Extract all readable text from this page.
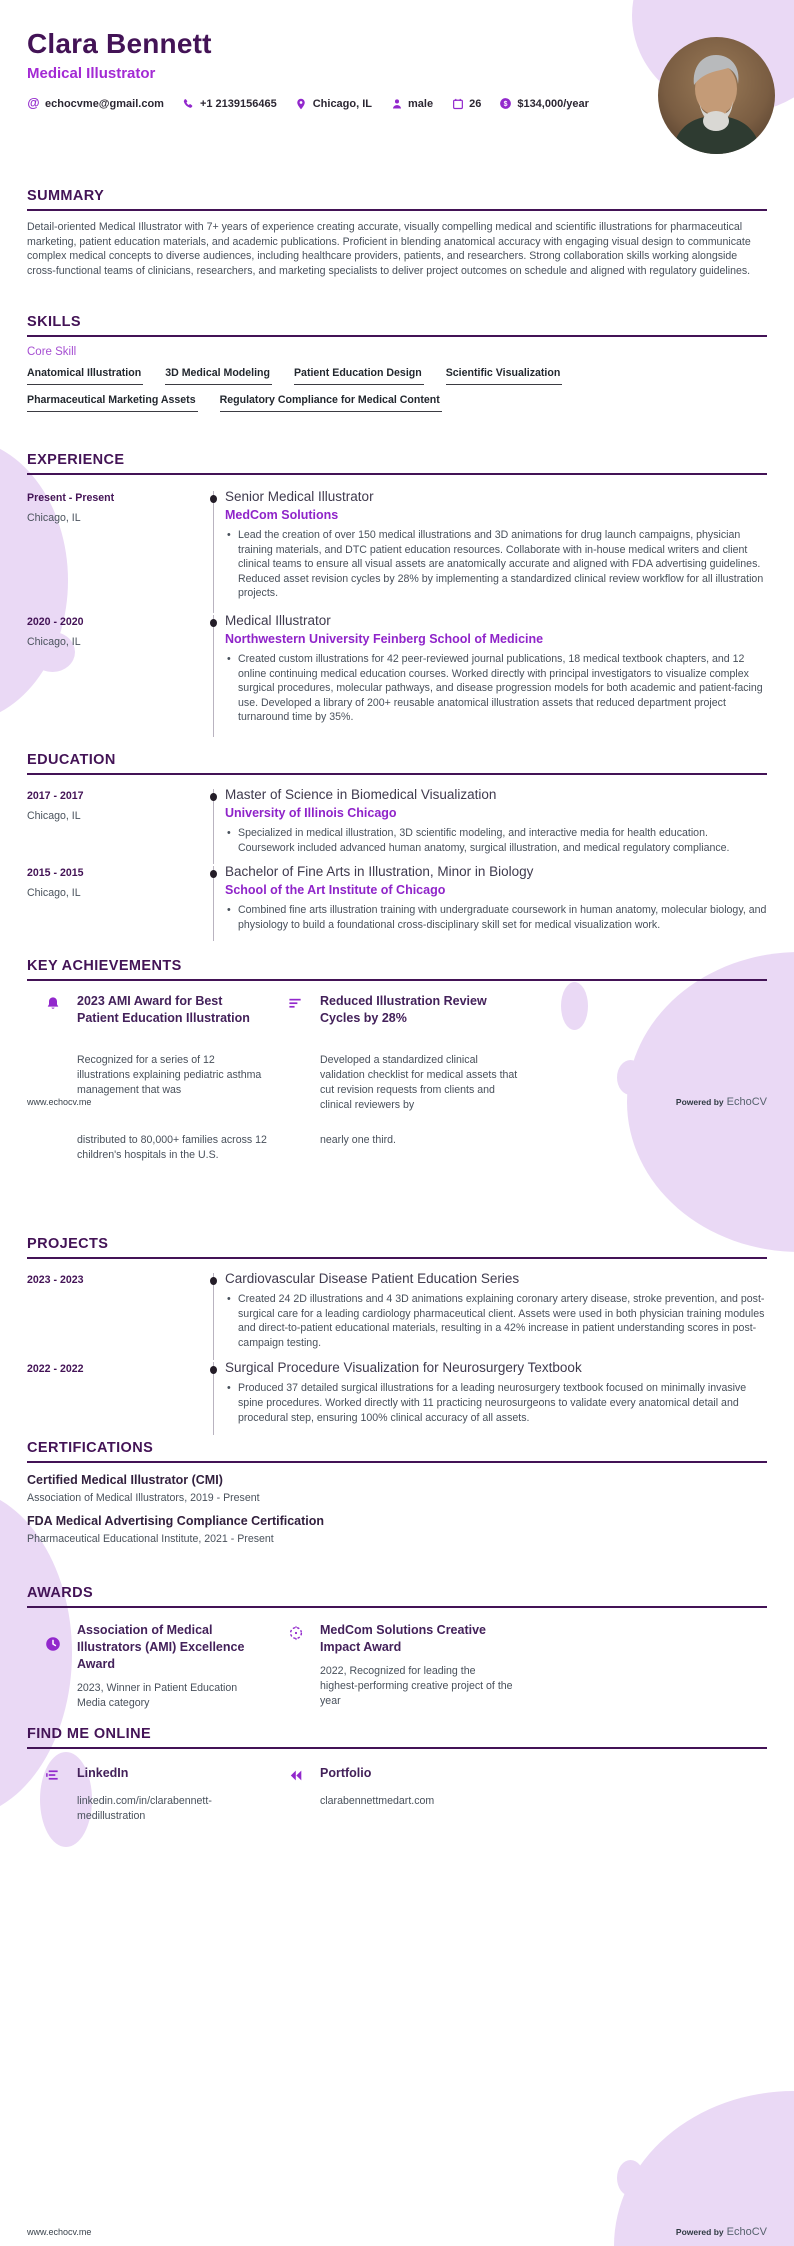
Clara Bennett
Medical Illustrator
@ echocvme@gmail.com	+1 2139156465	Chicago, IL	male	26	$ $134,000/year
SUMMARY

Detail-oriented Medical Illustrator with 7+ years of experience creating accurate, visually compelling medical and scientific illustrations for pharmaceutical marketing, patient education materials, and academic publications. Proficient in blending anatomical accuracy with engaging visual design to communicate complex medical concepts to diverse audiences, including healthcare providers, patients, and researchers. Strong collaboration skills working alongside cross-functional teams of clinicians, researchers, and marketing specialists to deliver project outcomes on schedule and aligned with regulatory guidelines.

SKILLS
Core Skill
Anatomical Illustration 3D Medical Modeling Patient Education Design Scientific Visualization
Pharmaceutical Marketing Assets Regulatory Compliance for Medical Content
EXPERIENCE
Present - Present
Chicago, IL
Senior Medical Illustrator
MedCom Solutions
• Lead the creation of over 150 medical illustrations and 3D animations for drug launch campaigns, physician training materials, and DTC patient education resources. Collaborate with in-house medical writers and client clinical teams to ensure all visual assets are anatomically accurate and aligned with FDA advertising guidelines. Reduced asset revision cycles by 28% by implementing a standardized clinical review workflow for all illustration projects.
2020 - 2020
Chicago, IL
Medical Illustrator
Northwestern University Feinberg School of Medicine
• Created custom illustrations for 42 peer-reviewed journal publications, 18 medical textbook chapters, and 12 online continuing medical education courses. Worked directly with principal investigators to visualize complex surgical procedures, molecular pathways, and disease progression models for both academic and patient-facing use. Developed a library of 200+ reusable anatomical illustration assets that reduced department project turnaround time by 35%.
EDUCATION
2017 - 2017
Chicago, IL
Master of Science in Biomedical Visualization
University of Illinois Chicago
• Specialized in medical illustration, 3D scientific modeling, and interactive media for health education. Coursework included advanced human anatomy, surgical illustration, and medical regulatory compliance.
2015 - 2015
Chicago, IL
Bachelor of Fine Arts in Illustration, Minor in Biology
School of the Art Institute of Chicago
• Combined fine arts illustration training with undergraduate coursework in human anatomy, molecular biology, and physiology to build a foundational cross-disciplinary skill set for medical visualization work.
KEY ACHIEVEMENTS
2023 AMI Award for Best Patient Education Illustration
Recognized for a series of 12 illustrations explaining pediatric asthma management that was
distributed to 80,000+ families across 12 children's hospitals in the U.S.
Reduced Illustration Review Cycles by 28%
Developed a standardized clinical validation checklist for medical assets that cut revision requests from clients and clinical reviewers by
nearly one third.
www.echocv.me	Powered by EchoCV
PROJECTS
2023 - 2023	Cardiovascular Disease Patient Education Series
• Created 24 2D illustrations and 4 3D animations explaining coronary artery disease, stroke prevention, and post-surgical care for a leading cardiology pharmaceutical client. Assets were used in both physician training modules and direct-to-patient educational materials, resulting in a 42% increase in patient understanding scores in post-campaign testing.
2022 - 2022	Surgical Procedure Visualization for Neurosurgery Textbook
• Produced 37 detailed surgical illustrations for a leading neurosurgery textbook focused on minimally invasive spine procedures. Worked directly with 11 practicing neurosurgeons to validate every anatomical detail and procedural step, ensuring 100% clinical accuracy of all assets.
CERTIFICATIONS
Certified Medical Illustrator (CMI)
Association of Medical Illustrators, 2019 - Present
FDA Medical Advertising Compliance Certification
Pharmaceutical Educational Institute, 2021 - Present
AWARDS
Association of Medical Illustrators (AMI) Excellence Award
2023, Winner in Patient Education Media category
MedCom Solutions Creative Impact Award
2022, Recognized for leading the highest-performing creative project of the year
FIND ME ONLINE
LinkedIn
linkedin.com/in/clarabennett-medillustration
Portfolio
clarabennettmedart.com
www.echocv.me	Powered by EchoCV
